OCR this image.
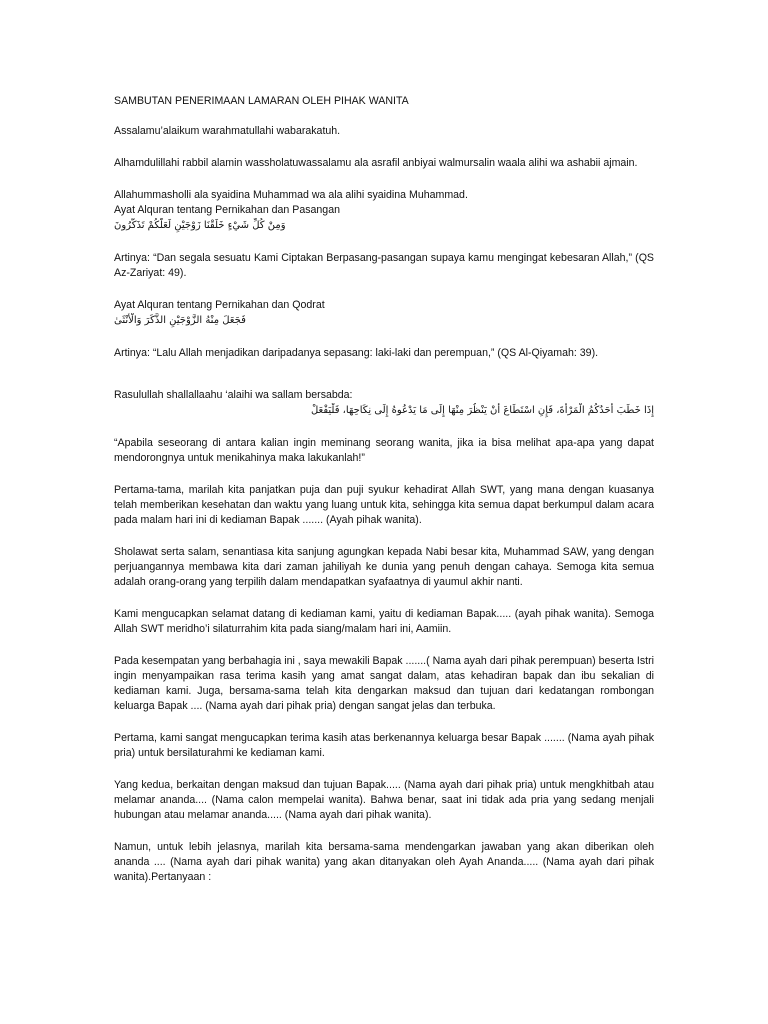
SAMBUTAN PENERIMAAN LAMARAN OLEH PIHAK WANITA
Assalamu’alaikum warahmatullahi wabarakatuh.
Alhamdulillahi rabbil alamin wassholatuwassalamu ala asrafil anbiyai walmursalin waala alihi wa ashabii ajmain.
Allahummasholli ala syaidina Muhammad wa ala alihi syaidina Muhammad.
Ayat Alquran tentang Pernikahan dan Pasangan
وَمِنْ كُلِّ شَيْءٍ خَلَقْنَا زَوْجَيْنِ لَعَلَّكُمْ تَذَكَّرُونَ
Artinya: “Dan segala sesuatu Kami Ciptakan Berpasang-pasangan supaya kamu mengingat kebesaran Allah,” (QS Az-Zariyat: 49).
Ayat Alquran tentang Pernikahan dan Qodrat
فَجَعَلَ مِنْهُ الزَّوْجَيْنِ الذَّكَرَ وَالْأُنْثَىٰ
Artinya: “Lalu Allah menjadikan daripadanya sepasang: laki-laki dan perempuan,” (QS Al-Qiyamah: 39).
Rasulullah shallallaahu ‘alaihi wa sallam bersabda:
إِذَا خَطَبَ أَحَدُكُمُ الْمَرْأَةَ، فَإِنِ اسْتَطَاعَ أَنْ يَنْظُرَ مِنْهَا إِلَى مَا يَدْعُوهُ إِلَى نِكَاحِهَا، فَلْيَفْعَلْ
“Apabila seseorang di antara kalian ingin meminang seorang wanita, jika ia bisa melihat apa-apa yang dapat mendorongnya untuk menikahinya maka lakukanlah!”
Pertama-tama, marilah kita panjatkan puja dan puji syukur kehadirat Allah SWT, yang mana dengan kuasanya telah memberikan kesehatan dan waktu yang luang untuk kita, sehingga kita semua dapat berkumpul dalam acara pada malam hari ini di kediaman Bapak ....... (Ayah pihak wanita).
Sholawat serta salam, senantiasa kita sanjung agungkan kepada Nabi besar kita, Muhammad SAW, yang dengan perjuangannya membawa kita dari zaman jahiliyah ke dunia yang penuh dengan cahaya. Semoga kita semua adalah orang-orang yang terpilih dalam mendapatkan syafaatnya di yaumul akhir nanti.
Kami mengucapkan selamat datang di kediaman kami, yaitu di kediaman Bapak..... (ayah pihak wanita). Semoga Allah SWT meridho’i silaturrahim kita pada siang/malam hari ini, Aamiin.
Pada kesempatan yang berbahagia ini , saya mewakili Bapak .......( Nama ayah dari pihak perempuan) beserta Istri ingin menyampaikan rasa terima kasih yang amat sangat dalam, atas kehadiran bapak dan ibu sekalian di kediaman kami. Juga, bersama-sama telah kita dengarkan maksud dan tujuan dari kedatangan rombongan keluarga Bapak .... (Nama ayah dari pihak pria) dengan sangat jelas dan terbuka.
Pertama, kami sangat mengucapkan terima kasih atas berkenannya keluarga besar Bapak ....... (Nama ayah pihak pria) untuk bersilaturahmi ke kediaman kami.
Yang kedua, berkaitan dengan maksud dan tujuan Bapak..... (Nama ayah dari pihak pria) untuk mengkhitbah atau melamar ananda.... (Nama calon mempelai wanita). Bahwa benar, saat ini tidak ada pria yang sedang menjali hubungan atau melamar ananda..... (Nama ayah dari pihak wanita).
Namun, untuk lebih jelasnya, marilah kita bersama-sama mendengarkan jawaban yang akan diberikan oleh ananda .... (Nama ayah dari pihak wanita) yang akan ditanyakan oleh Ayah Ananda..... (Nama ayah dari pihak wanita).Pertanyaan :
